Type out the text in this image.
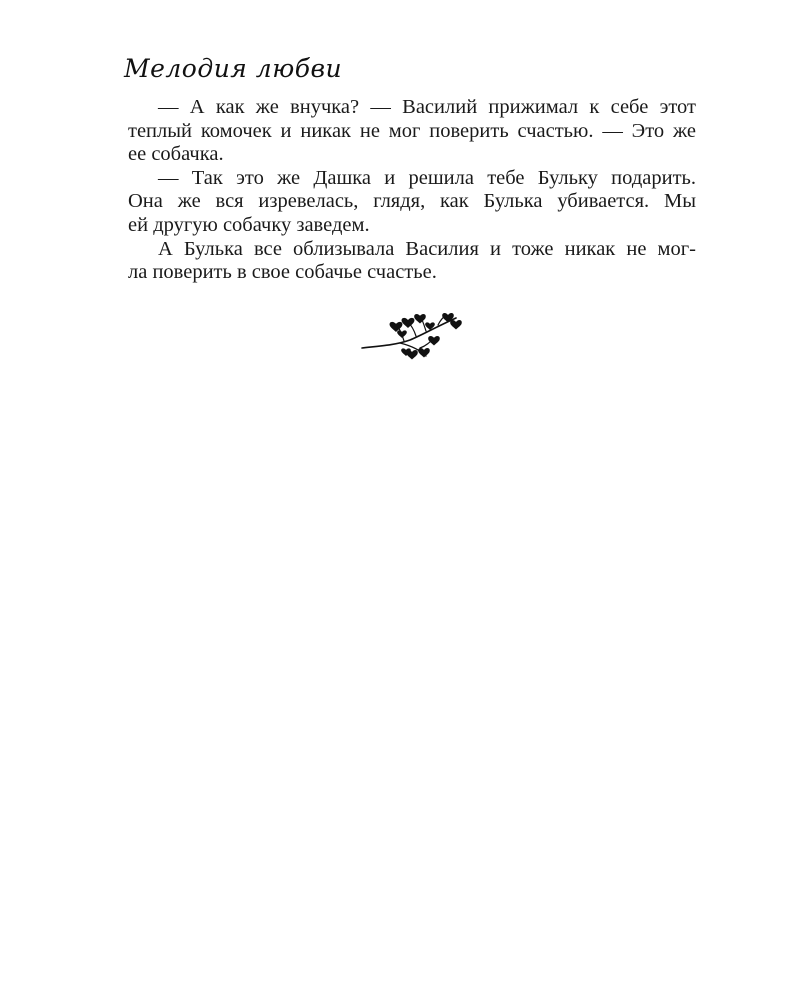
Мелодия любви

— А как же внучка? — Василий прижимал к себе этот
теплый комочек и никак не мог поверить счастью. — Это же
ее собачка.

— Так это же Дашка и решила тебе Бульку подарить.
Она же вся изревелась, глядя, как Булька убивается. Мы
ей другую собачку заведем.

А Булька все облизывала Василия и тоже никак не мог-
ла поверить в свое собачье счастье.
